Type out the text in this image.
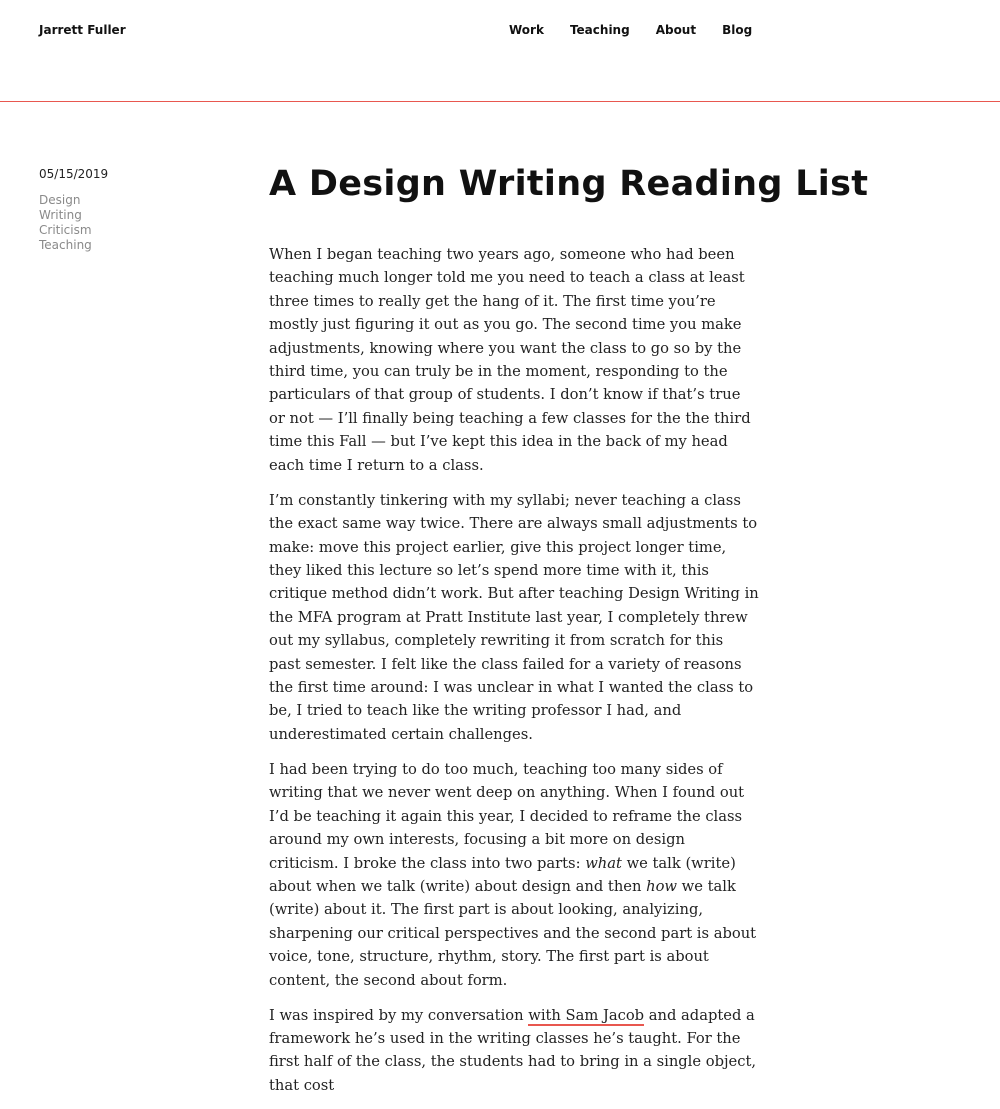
Jarrett Fuller	Work Teaching About Blog
05/15/2019
Design
Writing
Criticism
Teaching
A Design Writing Reading List

When I began teaching two years ago, someone who had been teaching much longer told me you need to teach a class at least three times to really get the hang of it. The first time you’re mostly just figuring it out as you go. The second time you make adjustments, knowing where you want the class to go so by the third time, you can truly be in the moment, responding to the particulars of that group of students. I don’t know if that’s true or not — I’ll finally being teaching a few classes for the the third time this Fall — but I’ve kept this idea in the back of my head each time I return to a class.

I’m constantly tinkering with my syllabi; never teaching a class the exact same way twice. There are always small adjustments to make: move this project earlier, give this project longer time, they liked this lecture so let’s spend more time with it, this critique method didn’t work. But after teaching Design Writing in the MFA program at Pratt Institute last year, I completely threw out my syllabus, completely rewriting it from scratch for this past semester. I felt like the class failed for a variety of reasons the first time around: I was unclear in what I wanted the class to be, I tried to teach like the writing professor I had, and underestimated certain challenges.

I had been trying to do too much, teaching too many sides of writing that we never went deep on anything. When I found out I’d be teaching it again this year, I decided to reframe the class around my own interests, focusing a bit more on design criticism. I broke the class into two parts: what we talk (write) about when we talk (write) about design and then how we talk (write) about it. The first part is about looking, analyizing, sharpening our critical perspectives and the second part is about voice, tone, structure, rhythm, story. The first part is about content, the second about form.

I was inspired by my conversation with Sam Jacob and adapted a framework he’s used in the writing classes he’s taught. For the first half of the class, the students had to bring in a single object, that cost
